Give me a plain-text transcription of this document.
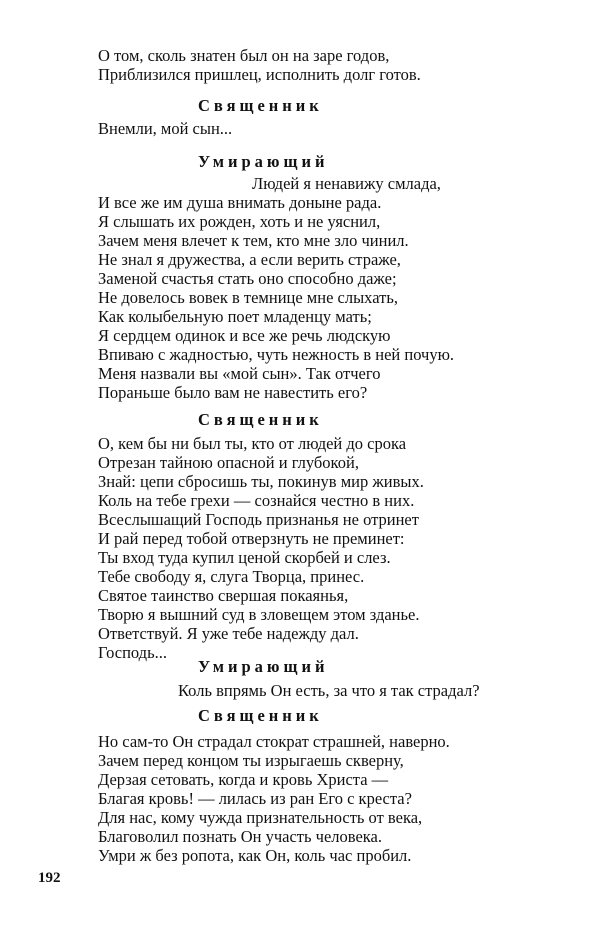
О том, сколь знатен был он на заре годов,
Приблизился пришлец, исполнить долг готов.
Священник
Внемли, мой сын...
Умирающий
Людей я ненавижу смлада,
И все же им душа внимать доныне рада.
Я слышать их рожден, хоть и не уяснил,
Зачем меня влечет к тем, кто мне зло чинил.
Не знал я дружества, а если верить страже,
Заменой счастья стать оно способно даже;
Не довелось вовек в темнице мне слыхать,
Как колыбельную поет младенцу мать;
Я сердцем одинок и все же речь людскую
Впиваю с жадностью, чуть нежность в ней почую.
Меня назвали вы «мой сын». Так отчего
Пораньше было вам не навестить его?
Священник
О, кем бы ни был ты, кто от людей до срока
Отрезан тайною опасной и глубокой,
Знай: цепи сбросишь ты, покинув мир живых.
Коль на тебе грехи — сознайся честно в них.
Всеслышащий Господь признанья не отринет
И рай перед тобой отверзнуть не преминет:
Ты вход туда купил ценой скорбей и слез.
Тебе свободу я, слуга Творца, принес.
Святое таинство свершая покаянья,
Творю я вышний суд в зловещем этом зданье.
Ответствуй. Я уже тебе надежду дал.
Господь...
Умирающий
Коль впрямь Он есть, за что я так страдал?
Священник
Но сам-то Он страдал стократ страшней, наверно.
Зачем перед концом ты изрыгаешь скверну,
Дерзая сетовать, когда и кровь Христа —
Благая кровь! — лилась из ран Его с креста?
Для нас, кому чужда признательность от века,
Благоволил познать Он участь человека.
Умри ж без ропота, как Он, коль час пробил.
192
